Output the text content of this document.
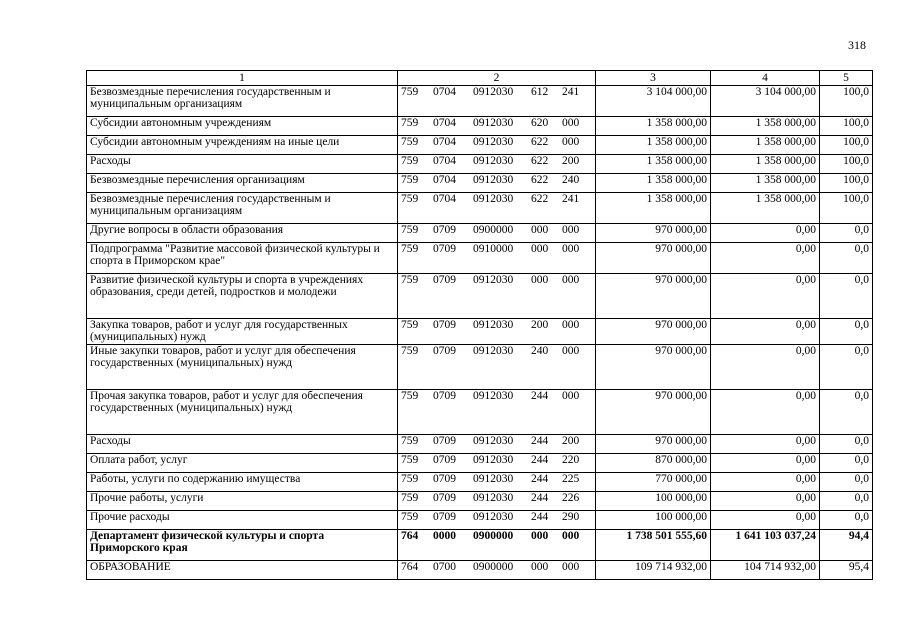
318
1	2	3	4	5
Безвозмездные перечисления государственным и муниципальным организациям	759 0704 0912030 612 241	3 104 000,00	3 104 000,00	100,0
Субсидии автономным учреждениям	759 0704 0912030 620 000	1 358 000,00	1 358 000,00	100,0
Субсидии автономным учреждениям на иные цели	759 0704 0912030 622 000	1 358 000,00	1 358 000,00	100,0
Расходы	759 0704 0912030 622 200	1 358 000,00	1 358 000,00	100,0
Безвозмездные перечисления организациям	759 0704 0912030 622 240	1 358 000,00	1 358 000,00	100,0
Безвозмездные перечисления государственным и муниципальным организациям	759 0704 0912030 622 241	1 358 000,00	1 358 000,00	100,0
Другие вопросы в области образования	759 0709 0900000 000 000	970 000,00	0,00	0,0
Подпрограмма "Развитие массовой физической культуры и спорта в Приморском крае"	759 0709 0910000 000 000	970 000,00	0,00	0,0
Развитие физической культуры и спорта в учреждениях образования, среди детей, подростков и молодежи	759 0709 0912030 000 000	970 000,00	0,00	0,0
Закупка товаров, работ и услуг для государственных (муниципальных) нужд	759 0709 0912030 200 000	970 000,00	0,00	0,0
Иные закупки товаров, работ и услуг для обеспечения государственных (муниципальных) нужд	759 0709 0912030 240 000	970 000,00	0,00	0,0
Прочая закупка товаров, работ и услуг для обеспечения государственных (муниципальных) нужд	759 0709 0912030 244 000	970 000,00	0,00	0,0
Расходы	759 0709 0912030 244 200	970 000,00	0,00	0,0
Оплата работ, услуг	759 0709 0912030 244 220	870 000,00	0,00	0,0
Работы, услуги по содержанию имущества	759 0709 0912030 244 225	770 000,00	0,00	0,0
Прочие работы, услуги	759 0709 0912030 244 226	100 000,00	0,00	0,0
Прочие расходы	759 0709 0912030 244 290	100 000,00	0,00	0,0
Департамент физической культуры и спорта Приморского края	764 0000 0900000 000 000	1 738 501 555,60	1 641 103 037,24	94,4
ОБРАЗОВАНИЕ	764 0700 0900000 000 000	109 714 932,00	104 714 932,00	95,4
